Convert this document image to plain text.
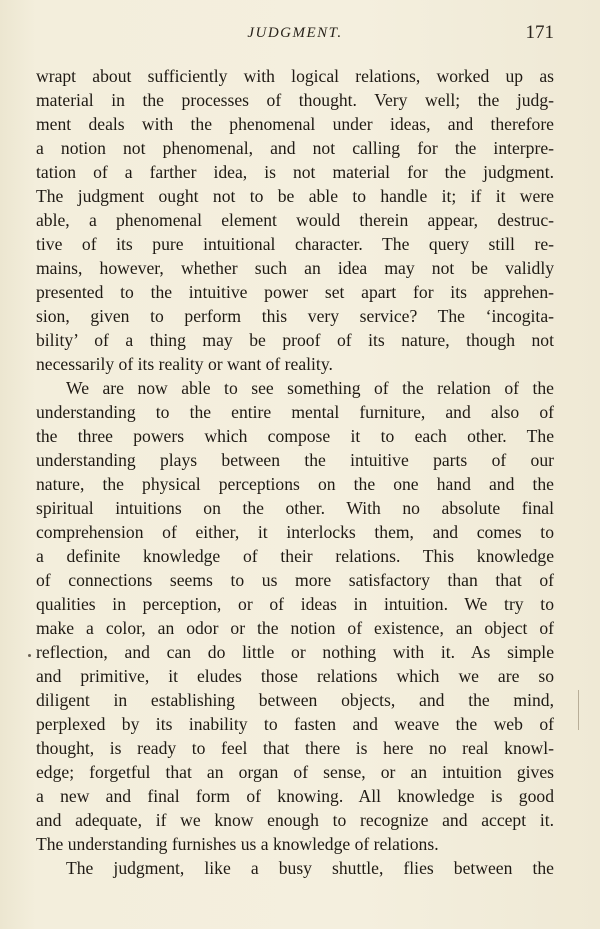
JUDGMENT.	171

wrapt about sufficiently with logical relations, worked up as
material in the processes of thought. Very well; the judg-
ment deals with the phenomenal under ideas, and therefore
a notion not phenomenal, and not calling for the interpre-
tation of a farther idea, is not material for the judgment.
The judgment ought not to be able to handle it; if it were
able, a phenomenal element would therein appear, destruc-
tive of its pure intuitional character. The query still re-
mains, however, whether such an idea may not be validly
presented to the intuitive power set apart for its apprehen-
sion, given to perform this very service? The ‘incogita-
bility’ of a thing may be proof of its nature, though not
necessarily of its reality or want of reality.

We are now able to see something of the relation of the
understanding to the entire mental furniture, and also of
the three powers which compose it to each other. The
understanding plays between the intuitive parts of our
nature, the physical perceptions on the one hand and the
spiritual intuitions on the other. With no absolute final
comprehension of either, it interlocks them, and comes to
a definite knowledge of their relations. This knowledge
of connections seems to us more satisfactory than that of
qualities in perception, or of ideas in intuition. We try to
make a color, an odor or the notion of existence, an object of
reflection, and can do little or nothing with it. As simple
and primitive, it eludes those relations which we are so
diligent in establishing between objects, and the mind,
perplexed by its inability to fasten and weave the web of
thought, is ready to feel that there is here no real knowl-
edge; forgetful that an organ of sense, or an intuition gives
a new and final form of knowing. All knowledge is good
and adequate, if we know enough to recognize and accept it.
The understanding furnishes us a knowledge of relations.

The judgment, like a busy shuttle, flies between the
